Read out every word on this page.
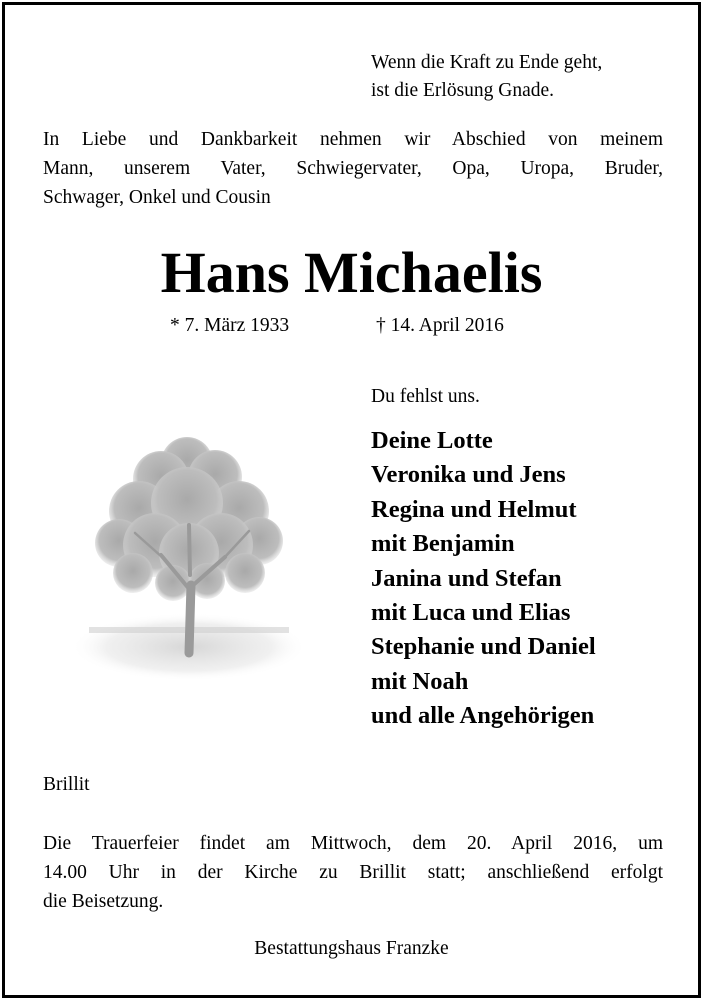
Wenn die Kraft zu Ende geht,
ist die Erlösung Gnade.
In Liebe und Dankbarkeit nehmen wir Abschied von meinem
Mann, unserem Vater, Schwiegervater, Opa, Uropa, Bruder,
Schwager, Onkel und Cousin
Hans Michaelis
* 7. März 1933	† 14. April 2016
Du fehlst uns.
Deine Lotte
Veronika und Jens
Regina und Helmut
mit Benjamin
Janina und Stefan
mit Luca und Elias
Stephanie und Daniel
mit Noah
und alle Angehörigen
Brillit
Die Trauerfeier findet am Mittwoch, dem 20. April 2016, um
14.00 Uhr in der Kirche zu Brillit statt; anschließend erfolgt
die Beisetzung.
Bestattungshaus Franzke
